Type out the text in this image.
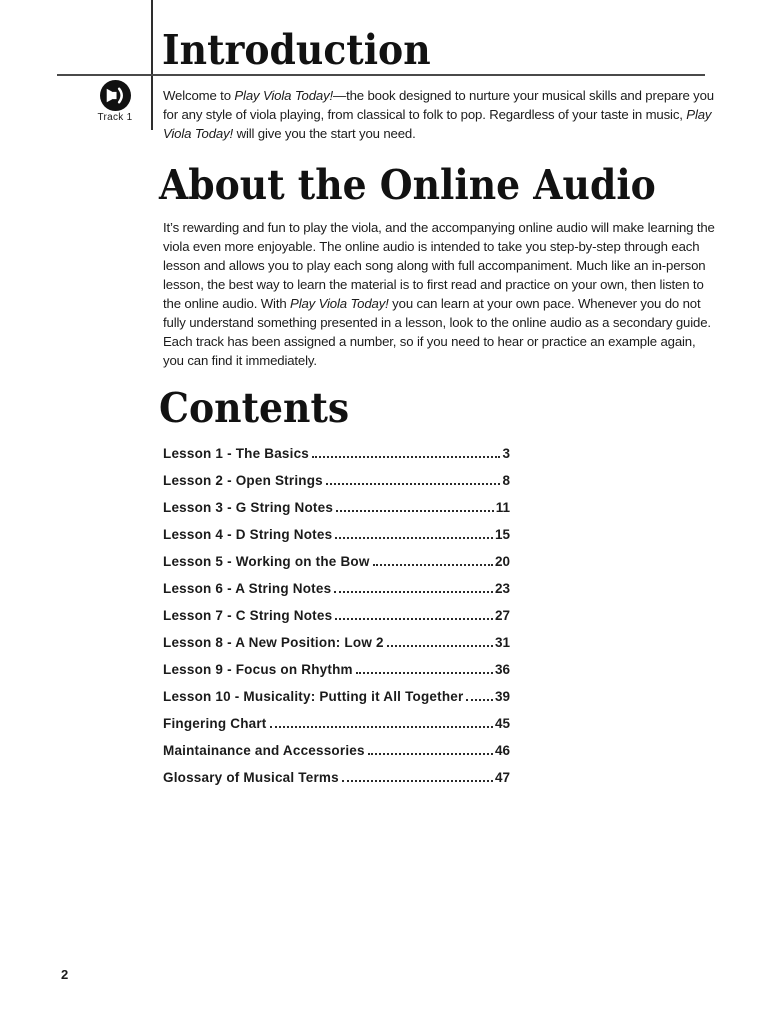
Introduction
Track 1

Welcome to Play Viola Today!—the book designed to nurture your musical skills and prepare you for any style of viola playing, from classical to folk to pop. Regardless of your taste in music, Play Viola Today! will give you the start you need.

About the Online Audio

It’s rewarding and fun to play the viola, and the accompanying online audio will make learning the viola even more enjoyable. The online audio is intended to take you step-by-step through each lesson and allows you to play each song along with full accompaniment. Much like an in-person lesson, the best way to learn the material is to first read and practice on your own, then listen to the online audio. With Play Viola Today! you can learn at your own pace. Whenever you do not fully understand something presented in a lesson, look to the online audio as a secondary guide. Each track has been assigned a number, so if you need to hear or practice an example again, you can find it immediately.

Contents
Lesson 1 - The Basics	3
Lesson 2 - Open Strings	8
Lesson 3 - G String Notes	11
Lesson 4 - D String Notes	15
Lesson 5 - Working on the Bow	20
Lesson 6 - A String Notes	23
Lesson 7 - C String Notes	27
Lesson 8 - A New Position: Low 2	31
Lesson 9 - Focus on Rhythm	36
Lesson 10 - Musicality: Putting it All Together 39
Fingering Chart	45
Maintainance and Accessories	46
Glossary of Musical Terms	47
2
